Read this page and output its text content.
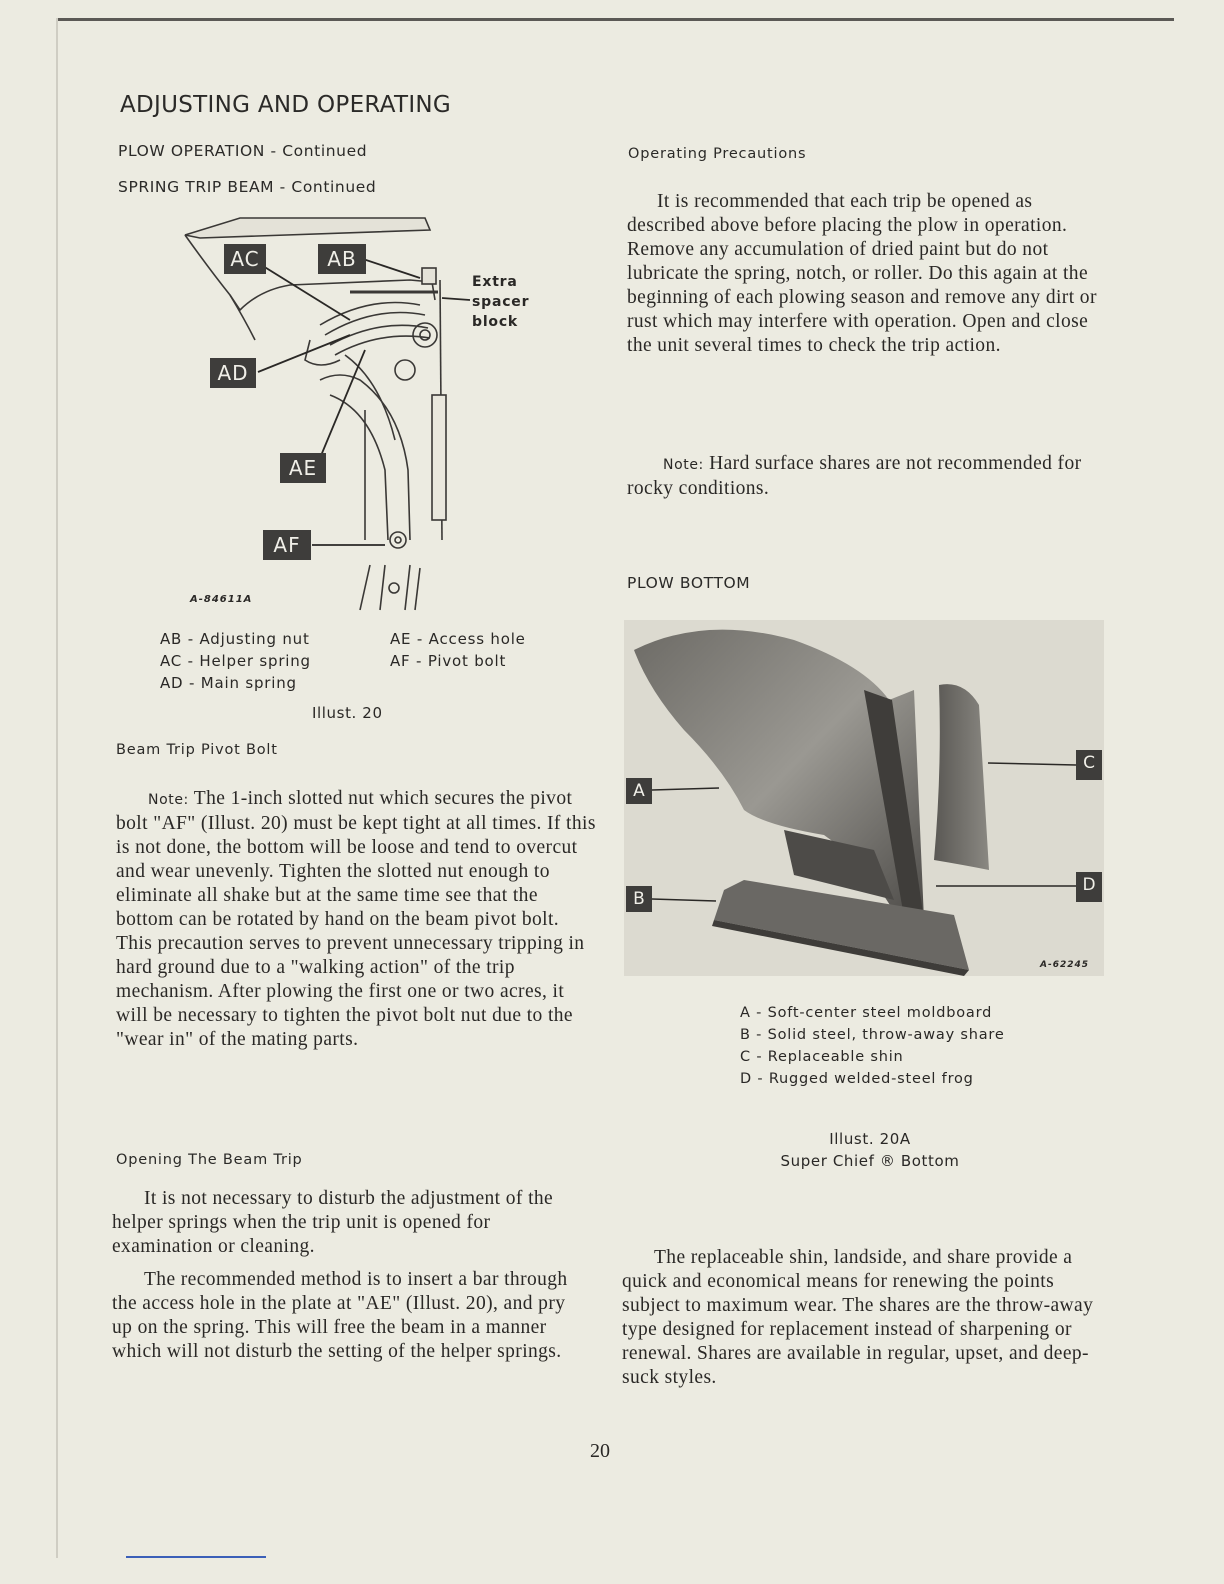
ADJUSTING AND OPERATING
PLOW OPERATION - Continued
SPRING TRIP BEAM - Continued
AC	AB
AD
AE
AF
Extra
spacer
block
A-84611A
AB - Adjusting nut
AC - Helper spring
AD - Main spring
AE - Access hole
AF - Pivot bolt
Illust. 20
Beam Trip Pivot Bolt
Note: The 1-inch slotted nut which secures the pivot bolt "AF" (Illust. 20) must be kept tight at all times. If this is not done, the bottom will be loose and tend to overcut and wear unevenly. Tighten the slotted nut enough to eliminate all shake but at the same time see that the bottom can be rotated by hand on the beam pivot bolt. This precaution serves to prevent unnecessary tripping in hard ground due to a "walking action" of the trip mechanism. After plowing the first one or two acres, it will be necessary to tighten the pivot bolt nut due to the "wear in" of the mating parts.
Opening The Beam Trip
It is not necessary to disturb the adjustment of the helper springs when the trip unit is opened for examination or cleaning.
The recommended method is to insert a bar through the access hole in the plate at "AE" (Illust. 20), and pry up on the spring. This will free the beam in a manner which will not disturb the setting of the helper springs.
Operating Precautions
It is recommended that each trip be opened as described above before placing the plow in operation. Remove any accumulation of dried paint but do not lubricate the spring, notch, or roller. Do this again at the beginning of each plowing season and remove any dirt or rust which may interfere with operation. Open and close the unit several times to check the trip action.
Note: Hard surface shares are not recommended for rocky conditions.
PLOW BOTTOM
A
B
C
D
A-62245
A - Soft-center steel moldboard
B - Solid steel, throw-away share
C - Replaceable shin
D - Rugged welded-steel frog
Illust. 20A
Super Chief ® Bottom
The replaceable shin, landside, and share provide a quick and economical means for renewing the points subject to maximum wear. The shares are the throw-away type designed for replacement instead of sharpening or renewal. Shares are available in regular, upset, and deep-suck styles.
20
